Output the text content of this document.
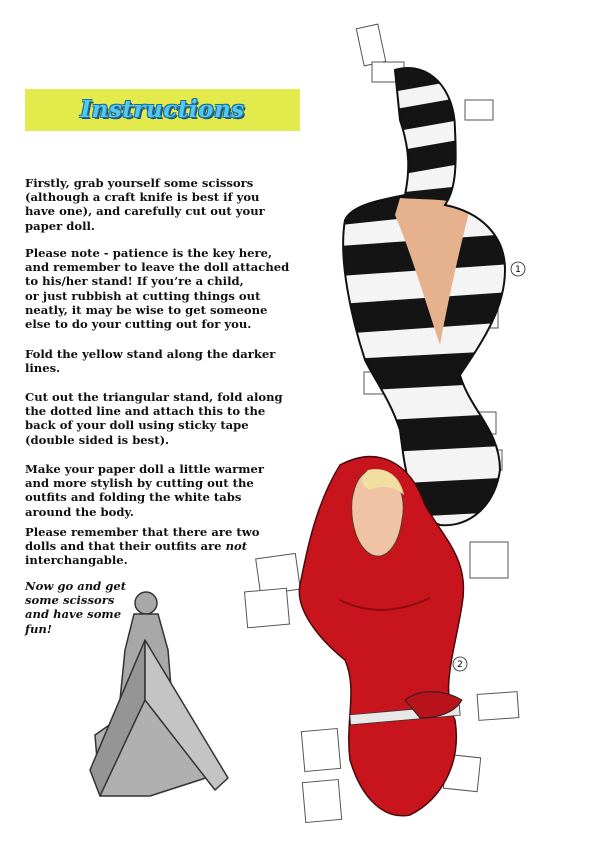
Instructions

Firstly, grab yourself some scissors
(although a craft knife is best if you
have one), and carefully cut out your
paper doll.

Please note - patience is the key here,
and remember to leave the doll attached
to his/her stand! If you’re a child,
or just rubbish at cutting things out
neatly, it may be wise to get someone
else to do your cutting out for you.

Fold the yellow stand along the darker
lines.

Cut out the triangular stand, fold along
the dotted line and attach this to the
back of your doll using sticky tape
(double sided is best).

Make your paper doll a little warmer
and more stylish by cutting out the
outfits and folding the white tabs
around the body.

Please remember that there are two
dolls and that their outfits are not
interchangable.

Now go and get
some scissors
and have some
fun!

1
2
